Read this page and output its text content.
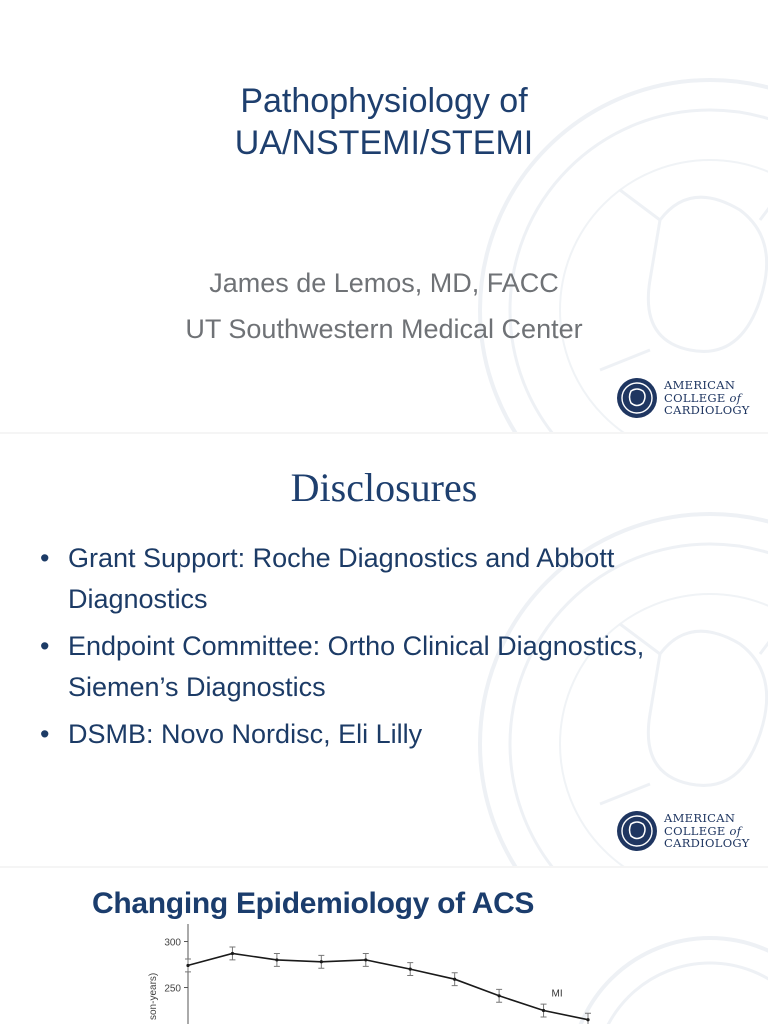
Pathophysiology of
UA/NSTEMI/STEMI
James de Lemos, MD, FACC
UT Southwestern Medical Center
AMERICAN
COLLEGE of
CARDIOLOGY
Disclosures
• Grant Support: Roche Diagnostics and Abbott Diagnostics
• Endpoint Committee: Ortho Clinical Diagnostics, Siemen’s Diagnostics
• DSMB: Novo Nordisc, Eli Lilly
AMERICAN
COLLEGE of
CARDIOLOGY
Changing Epidemiology of ACS
300
250
son-years)	MI
